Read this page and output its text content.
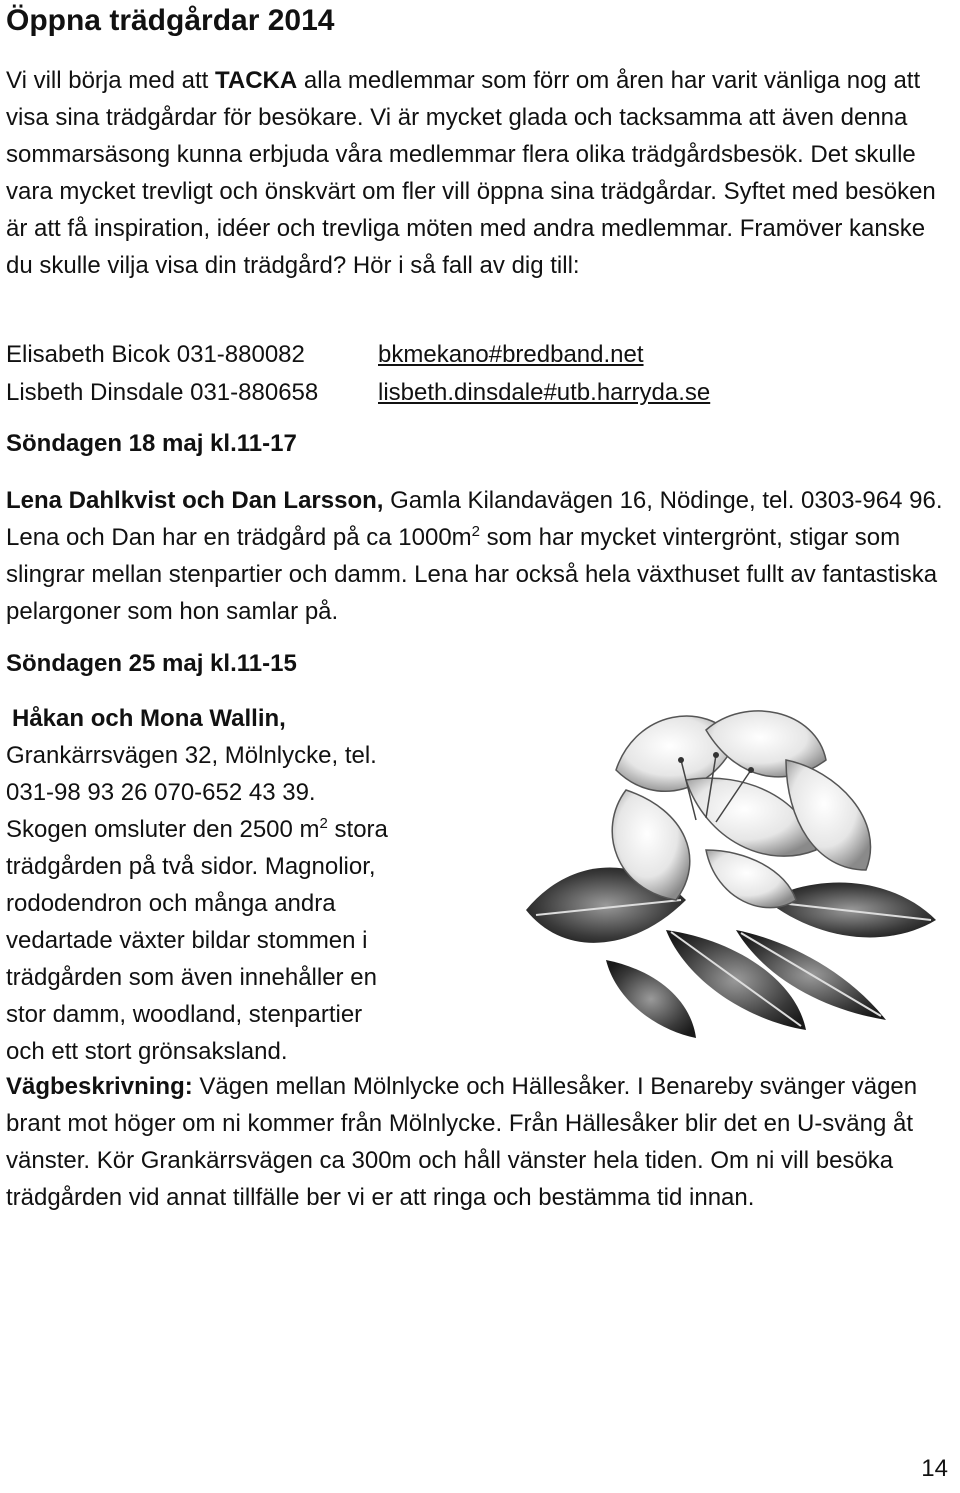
Öppna trädgårdar 2014

Vi vill börja med att TACKA alla medlemmar som förr om åren har varit vänliga nog att visa sina trädgårdar för besökare. Vi är mycket glada och tacksamma att även denna sommarsäsong kunna erbjuda våra medlemmar flera olika trädgårdsbesök. Det skulle vara mycket trevligt och önskvärt om fler vill öppna sina trädgårdar. Syftet med besöken är att få inspiration, idéer och trevliga möten med andra medlemmar. Framöver kanske du skulle vilja visa din trädgård? Hör i så fall av dig till:

Elisabeth Bicok 031-880082	bkmekano#bredband.net
Lisbeth Dinsdale 031-880658 lisbeth.dinsdale#utb.harryda.se
Söndagen 18 maj kl.11-17

Lena Dahlkvist och Dan Larsson, Gamla Kilandavägen 16, Nödinge, tel. 0303-964 96. Lena och Dan har en trädgård på ca $1000m^2$ som har mycket vintergrönt, stigar som slingrar mellan stenpartier och damm. Lena har också hela växthuset fullt av fantastiska pelargoner som hon samlar på.

Söndagen 25 maj kl.11-15
Håkan och Mona Wallin,
Grankärrsvägen 32, Mölnlycke, tel.
031-98 93 26 070-652 43 39.
Skogen omsluter den 2500 $m^2$ stora
trädgården på två sidor. Magnolior,
rododendron och många andra
vedartade växter bildar stommen i
trädgården som även innehåller en
stor damm, woodland, stenpartier
och ett stort grönsaksland.

Vägbeskrivning: Vägen mellan Mölnlycke och Hällesåker. I Benareby svänger vägen brant mot höger om ni kommer från Mölnlycke. Från Hällesåker blir det en U-sväng åt vänster. Kör Grankärrsvägen ca 300m och håll vänster hela tiden. Om ni vill besöka trädgården vid annat tillfälle ber vi er att ringa och bestämma tid innan.

14
